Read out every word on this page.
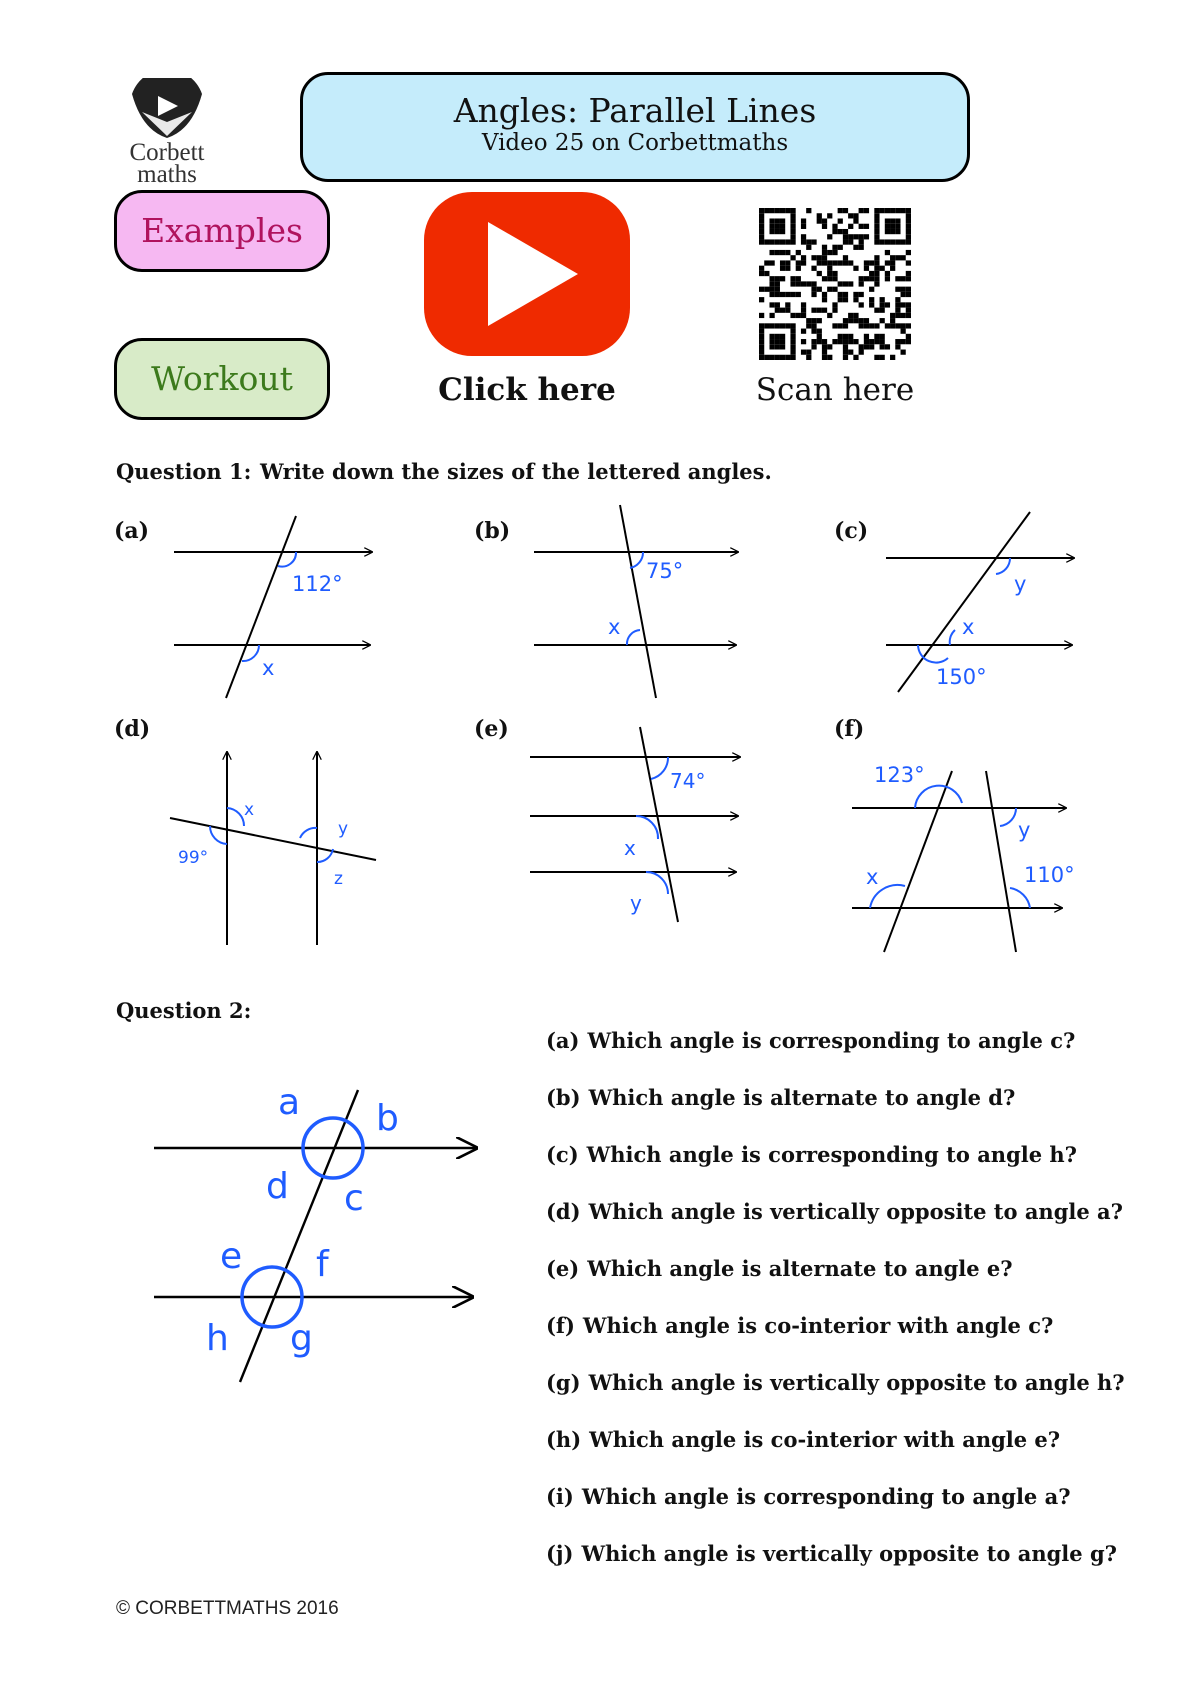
Corbett
maths
Angles: Parallel Lines
Video 25 on Corbettmaths
Examples
Workout	Click here	Scan here
Question 1: Write down the sizes of the lettered angles.
(a)	(b)	(c)
(d)	(e)	(f)
112°
x
75°
x
y
x
150°
x
99°
y
z
74°
x
y
123°
y
x	110°
Question 2:
a b
d c
e f
h g
(a) Which angle is corresponding to angle c?
(b) Which angle is alternate to angle d?
(c) Which angle is corresponding to angle h?
(d) Which angle is vertically opposite to angle a?
(e) Which angle is alternate to angle e?
(f) Which angle is co-interior with angle c?
(g) Which angle is vertically opposite to angle h?
(h) Which angle is co-interior with angle e?
(i) Which angle is corresponding to angle a?
(j) Which angle is vertically opposite to angle g?
© CORBETTMATHS 2016
